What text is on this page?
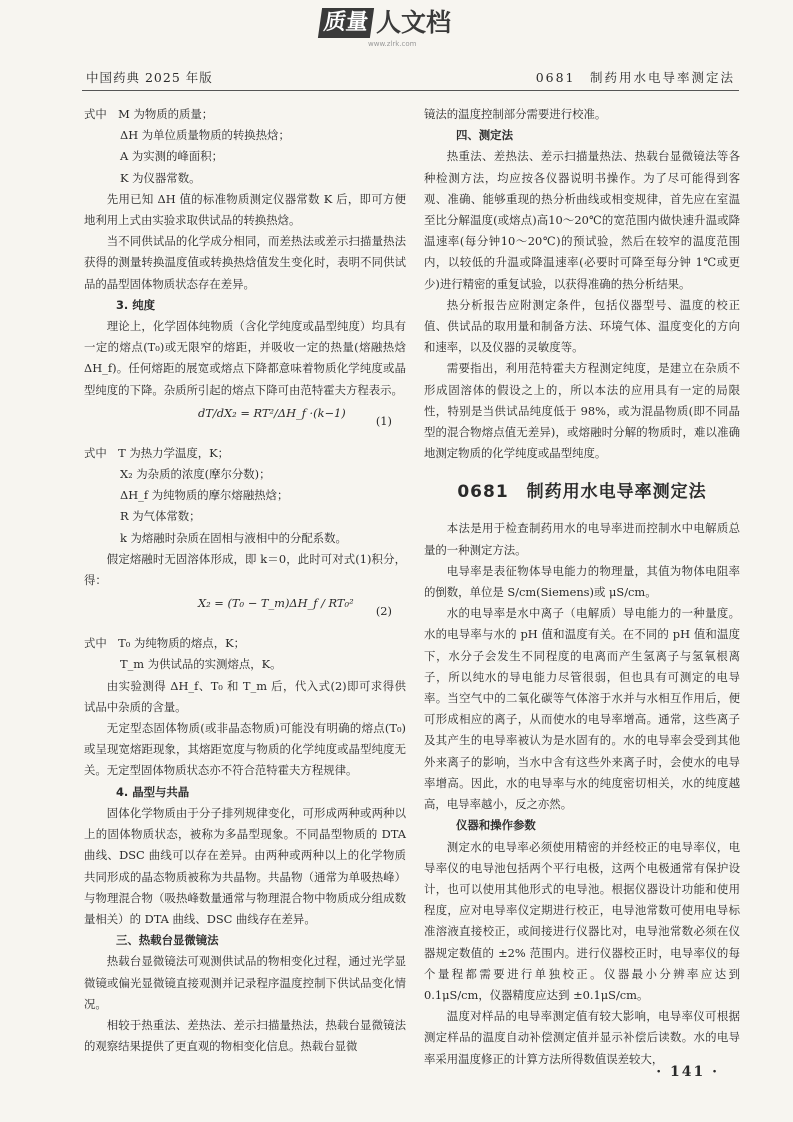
质量 人文档
www.zlrk.com
中国药典 2025 年版	0681　制药用水电导率测定法

式中　M 为物质的质量；

ΔH 为单位质量物质的转换热焓；

A 为实测的峰面积；

K 为仪器常数。

先用已知 ΔH 值的标准物质测定仪器常数 K 后，即可方便地利用上式由实验求取供试品的转换热焓。

当不同供试品的化学成分相同，而差热法或差示扫描量热法获得的测量转换温度值或转换热焓值发生变化时，表明不同供试品的晶型固体物质状态存在差异。

3. 纯度

理论上，化学固体纯物质（含化学纯度或晶型纯度）均具有一定的熔点(T₀)或无限窄的熔距，并吸收一定的热量(熔融热焓 ΔH_f)。任何熔距的展宽或熔点下降都意味着物质化学纯度或晶型纯度的下降。杂质所引起的熔点下降可由范特霍夫方程表示。

dT/dX₂ = RT²/ΔH_f ·(k−1)
(1)

式中　T 为热力学温度，K；

X₂ 为杂质的浓度(摩尔分数)；

ΔH_f 为纯物质的摩尔熔融热焓；

R 为气体常数；

k 为熔融时杂质在固相与液相中的分配系数。

假定熔融时无固溶体形成，即 k＝0，此时可对式(1)积分，得：

X₂ = (T₀ − T_m)ΔH_f / RT₀²
(2)

式中　T₀ 为纯物质的熔点，K；

T_m 为供试品的实测熔点，K。

由实验测得 ΔH_f、T₀ 和 T_m 后，代入式(2)即可求得供试品中杂质的含量。

无定型态固体物质(或非晶态物质)可能没有明确的熔点(T₀)或呈现宽熔距现象，其熔距宽度与物质的化学纯度或晶型纯度无关。无定型固体物质状态亦不符合范特霍夫方程规律。

4. 晶型与共晶

固体化学物质由于分子排列规律变化，可形成两种或两种以上的固体物质状态，被称为多晶型现象。不同晶型物质的 DTA 曲线、DSC 曲线可以存在差异。由两种或两种以上的化学物质共同形成的晶态物质被称为共晶物。共晶物（通常为单吸热峰）与物理混合物（吸热峰数量通常与物理混合物中物质成分组成数量相关）的 DTA 曲线、DSC 曲线存在差异。

三、热载台显微镜法

热载台显微镜法可观测供试品的物相变化过程，通过光学显微镜或偏光显微镜直接观测并记录程序温度控制下供试品变化情况。

相较于热重法、差热法、差示扫描量热法，热载台显微镜法的观察结果提供了更直观的物相变化信息。热载台显微

镜法的温度控制部分需要进行校准。

四、测定法

热重法、差热法、差示扫描量热法、热载台显微镜法等各种检测方法，均应按各仪器说明书操作。为了尽可能得到客观、准确、能够重现的热分析曲线或相变规律，首先应在室温至比分解温度(或熔点)高10～20℃的宽范围内做快速升温或降温速率(每分钟10～20℃)的预试验，然后在较窄的温度范围内，以较低的升温或降温速率(必要时可降至每分钟 1℃或更少)进行精密的重复试验，以获得准确的热分析结果。

热分析报告应附测定条件，包括仪器型号、温度的校正值、供试品的取用量和制备方法、环境气体、温度变化的方向和速率，以及仪器的灵敏度等。

需要指出，利用范特霍夫方程测定纯度，是建立在杂质不形成固溶体的假设之上的，所以本法的应用具有一定的局限性，特别是当供试品纯度低于 98%，或为混晶物质(即不同晶型的混合物熔点值无差异)，或熔融时分解的物质时，难以准确地测定物质的化学纯度或晶型纯度。

0681　制药用水电导率测定法

本法是用于检查制药用水的电导率进而控制水中电解质总量的一种测定方法。

电导率是表征物体导电能力的物理量，其值为物体电阻率的倒数，单位是 S/cm(Siemens)或 μS/cm。

水的电导率是水中离子（电解质）导电能力的一种量度。水的电导率与水的 pH 值和温度有关。在不同的 pH 值和温度下，水分子会发生不同程度的电离而产生氢离子与氢氧根离子，所以纯水的导电能力尽管很弱，但也具有可测定的电导率。当空气中的二氧化碳等气体溶于水并与水相互作用后，便可形成相应的离子，从而使水的电导率增高。通常，这些离子及其产生的电导率被认为是水固有的。水的电导率会受到其他外来离子的影响，当水中含有这些外来离子时，会使水的电导率增高。因此，水的电导率与水的纯度密切相关，水的纯度越高，电导率越小，反之亦然。

仪器和操作参数

测定水的电导率必须使用精密的并经校正的电导率仪，电导率仪的电导池包括两个平行电极，这两个电极通常有保护设计，也可以使用其他形式的电导池。根据仪器设计功能和使用程度，应对电导率仪定期进行校正，电导池常数可使用电导标准溶液直接校正，或间接进行仪器比对，电导池常数必须在仪器规定数值的 ±2% 范围内。进行仪器校正时，电导率仪的每个量程都需要进行单独校正。仪器最小分辨率应达到 0.1μS/cm，仪器精度应达到 ±0.1μS/cm。

温度对样品的电导率测定值有较大影响，电导率仪可根据测定样品的温度自动补偿测定值并显示补偿后读数。水的电导率采用温度修正的计算方法所得数值误差较大，

· 141 ·
